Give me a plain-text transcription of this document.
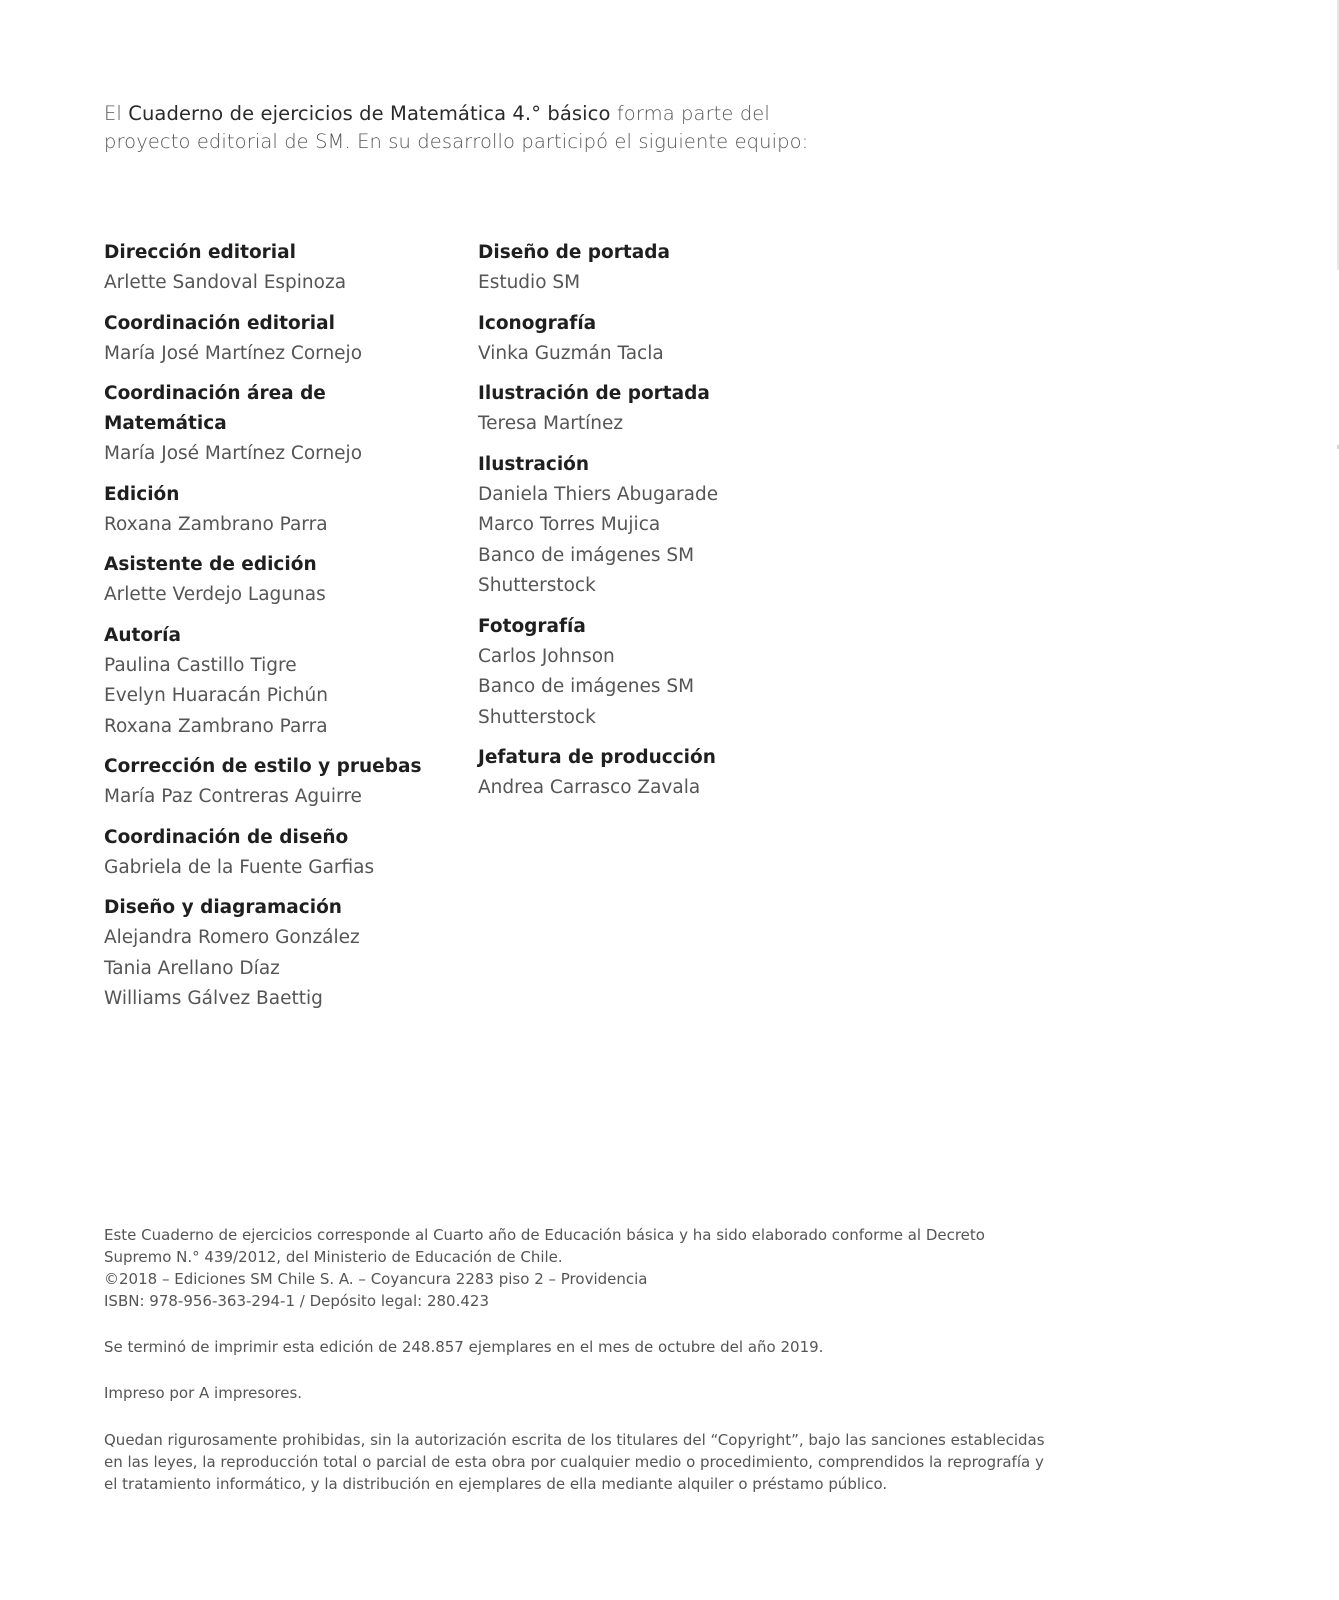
El Cuaderno de ejercicios de Matemática 4.° básico forma parte del
proyecto editorial de SM. En su desarrollo participó el siguiente equipo:

Dirección editorial

Arlette Sandoval Espinoza

Coordinación editorial

María José Martínez Cornejo

Coordinación área de Matemática

María José Martínez Cornejo

Edición

Roxana Zambrano Parra

Asistente de edición

Arlette Verdejo Lagunas

Autoría

Paulina Castillo Tigre

Evelyn Huaracán Pichún

Roxana Zambrano Parra

Corrección de estilo y pruebas

María Paz Contreras Aguirre

Coordinación de diseño

Gabriela de la Fuente Garfias

Diseño y diagramación

Alejandra Romero González

Tania Arellano Díaz

Williams Gálvez Baettig

Diseño de portada

Estudio SM

Iconografía

Vinka Guzmán Tacla

Ilustración de portada

Teresa Martínez

Ilustración

Daniela Thiers Abugarade

Marco Torres Mujica

Banco de imágenes SM

Shutterstock

Fotografía

Carlos Johnson

Banco de imágenes SM

Shutterstock

Jefatura de producción

Andrea Carrasco Zavala

Este Cuaderno de ejercicios corresponde al Cuarto año de Educación básica y ha sido elaborado conforme al Decreto

Supremo N.° 439/2012, del Ministerio de Educación de Chile.

©2018 – Ediciones SM Chile S. A. – Coyancura 2283 piso 2 – Providencia

ISBN: 978-956-363-294-1 / Depósito legal: 280.423

Se terminó de imprimir esta edición de 248.857 ejemplares en el mes de octubre del año 2019.

Impreso por A impresores.

Quedan rigurosamente prohibidas, sin la autorización escrita de los titulares del “Copyright”, bajo las sanciones establecidas

en las leyes, la reproducción total o parcial de esta obra por cualquier medio o procedimiento, comprendidos la reprografía y

el tratamiento informático, y la distribución en ejemplares de ella mediante alquiler o préstamo público.
